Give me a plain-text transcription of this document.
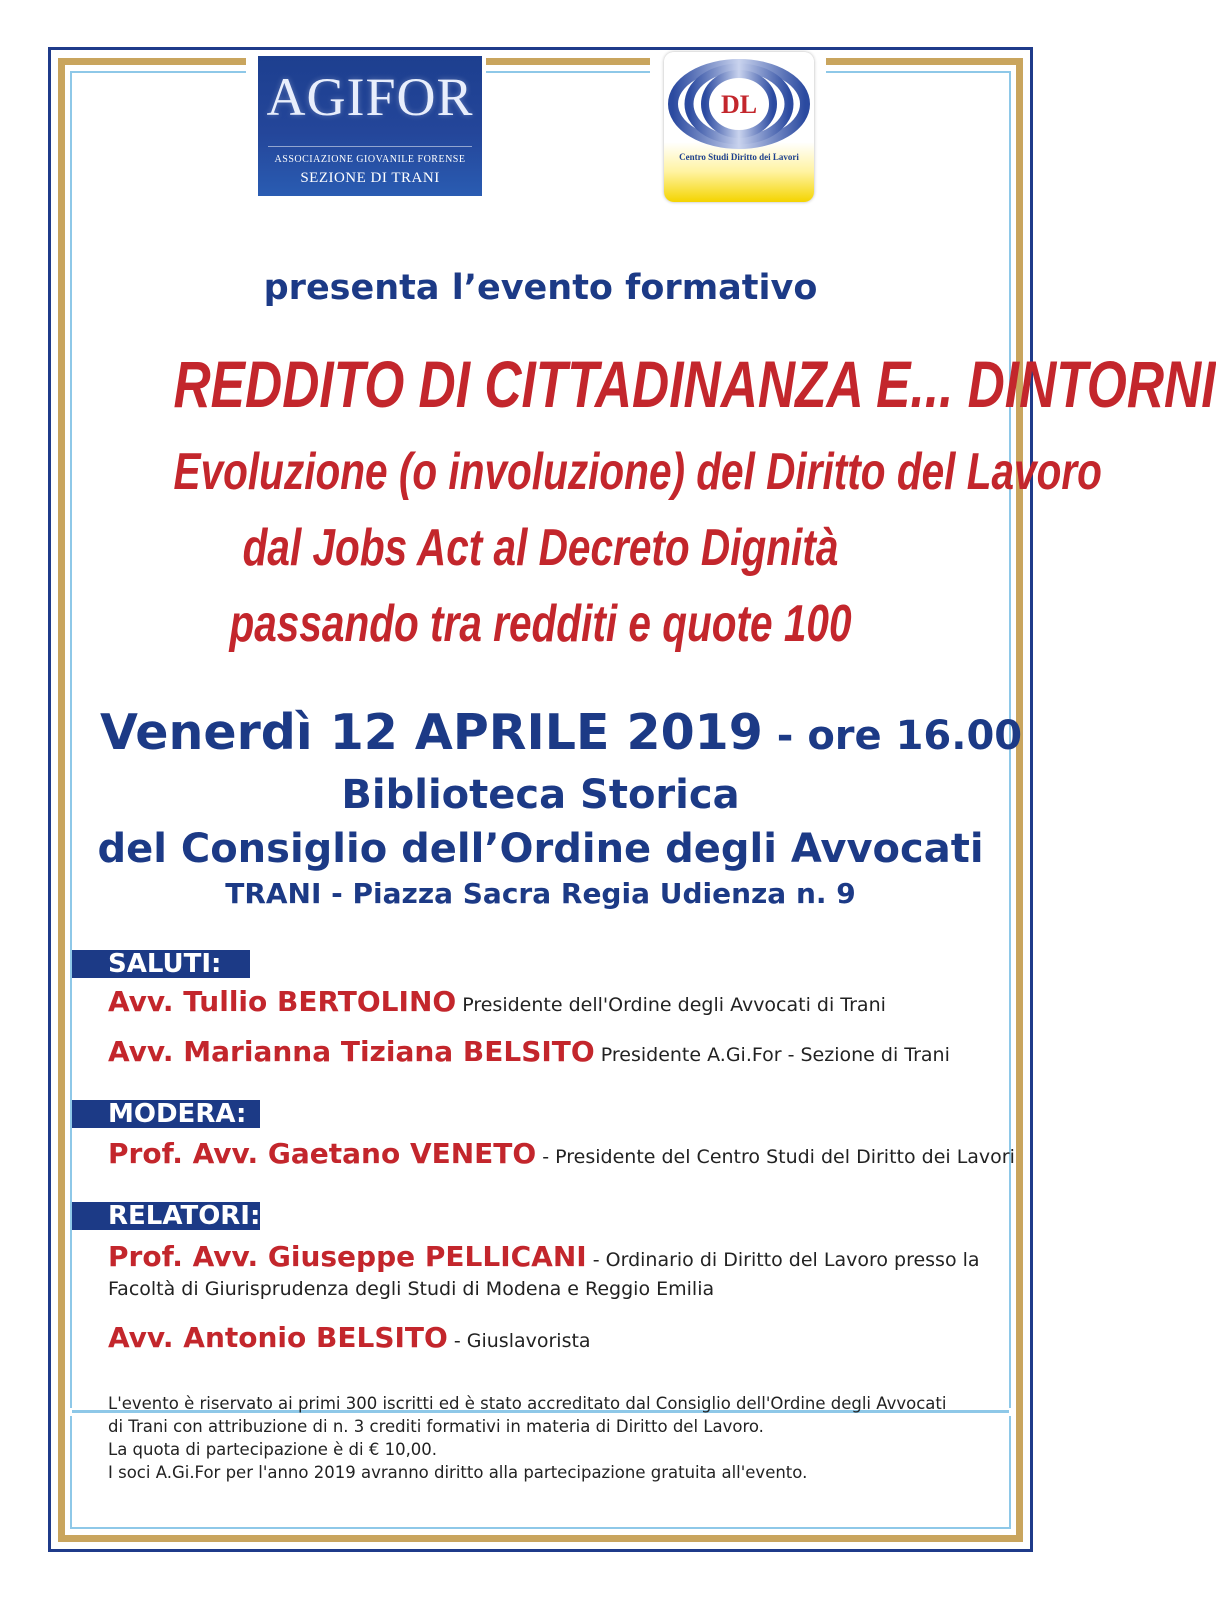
AGIFOR
ASSOCIAZIONE GIOVANILE FORENSE
SEZIONE DI TRANI
DL
Centro Studi Diritto dei Lavori
presenta l’evento formativo
REDDITO DI CITTADINANZA E... DINTORNI
Evoluzione (o involuzione) del Diritto del Lavoro
dal Jobs Act al Decreto Dignità
passando tra redditi e quote 100
Venerdì 12 APRILE 2019 - ore 16.00
Biblioteca Storica
del Consiglio dell’Ordine degli Avvocati
TRANI - Piazza Sacra Regia Udienza n. 9
SALUTI:
Avv. Tullio BERTOLINO Presidente dell'Ordine degli Avvocati di Trani
Avv. Marianna Tiziana BELSITO Presidente A.Gi.For - Sezione di Trani
MODERA:
Prof. Avv. Gaetano VENETO - Presidente del Centro Studi del Diritto dei Lavori
RELATORI:
Prof. Avv. Giuseppe PELLICANI - Ordinario di Diritto del Lavoro presso la
Facoltà di Giurisprudenza degli Studi di Modena e Reggio Emilia
Avv. Antonio BELSITO - Giuslavorista
L'evento è riservato ai primi 300 iscritti ed è stato accreditato dal Consiglio dell'Ordine degli Avvocati
di Trani con attribuzione di n. 3 crediti formativi in materia di Diritto del Lavoro.
La quota di partecipazione è di € 10,00.
I soci A.Gi.For per l'anno 2019 avranno diritto alla partecipazione gratuita all'evento.
